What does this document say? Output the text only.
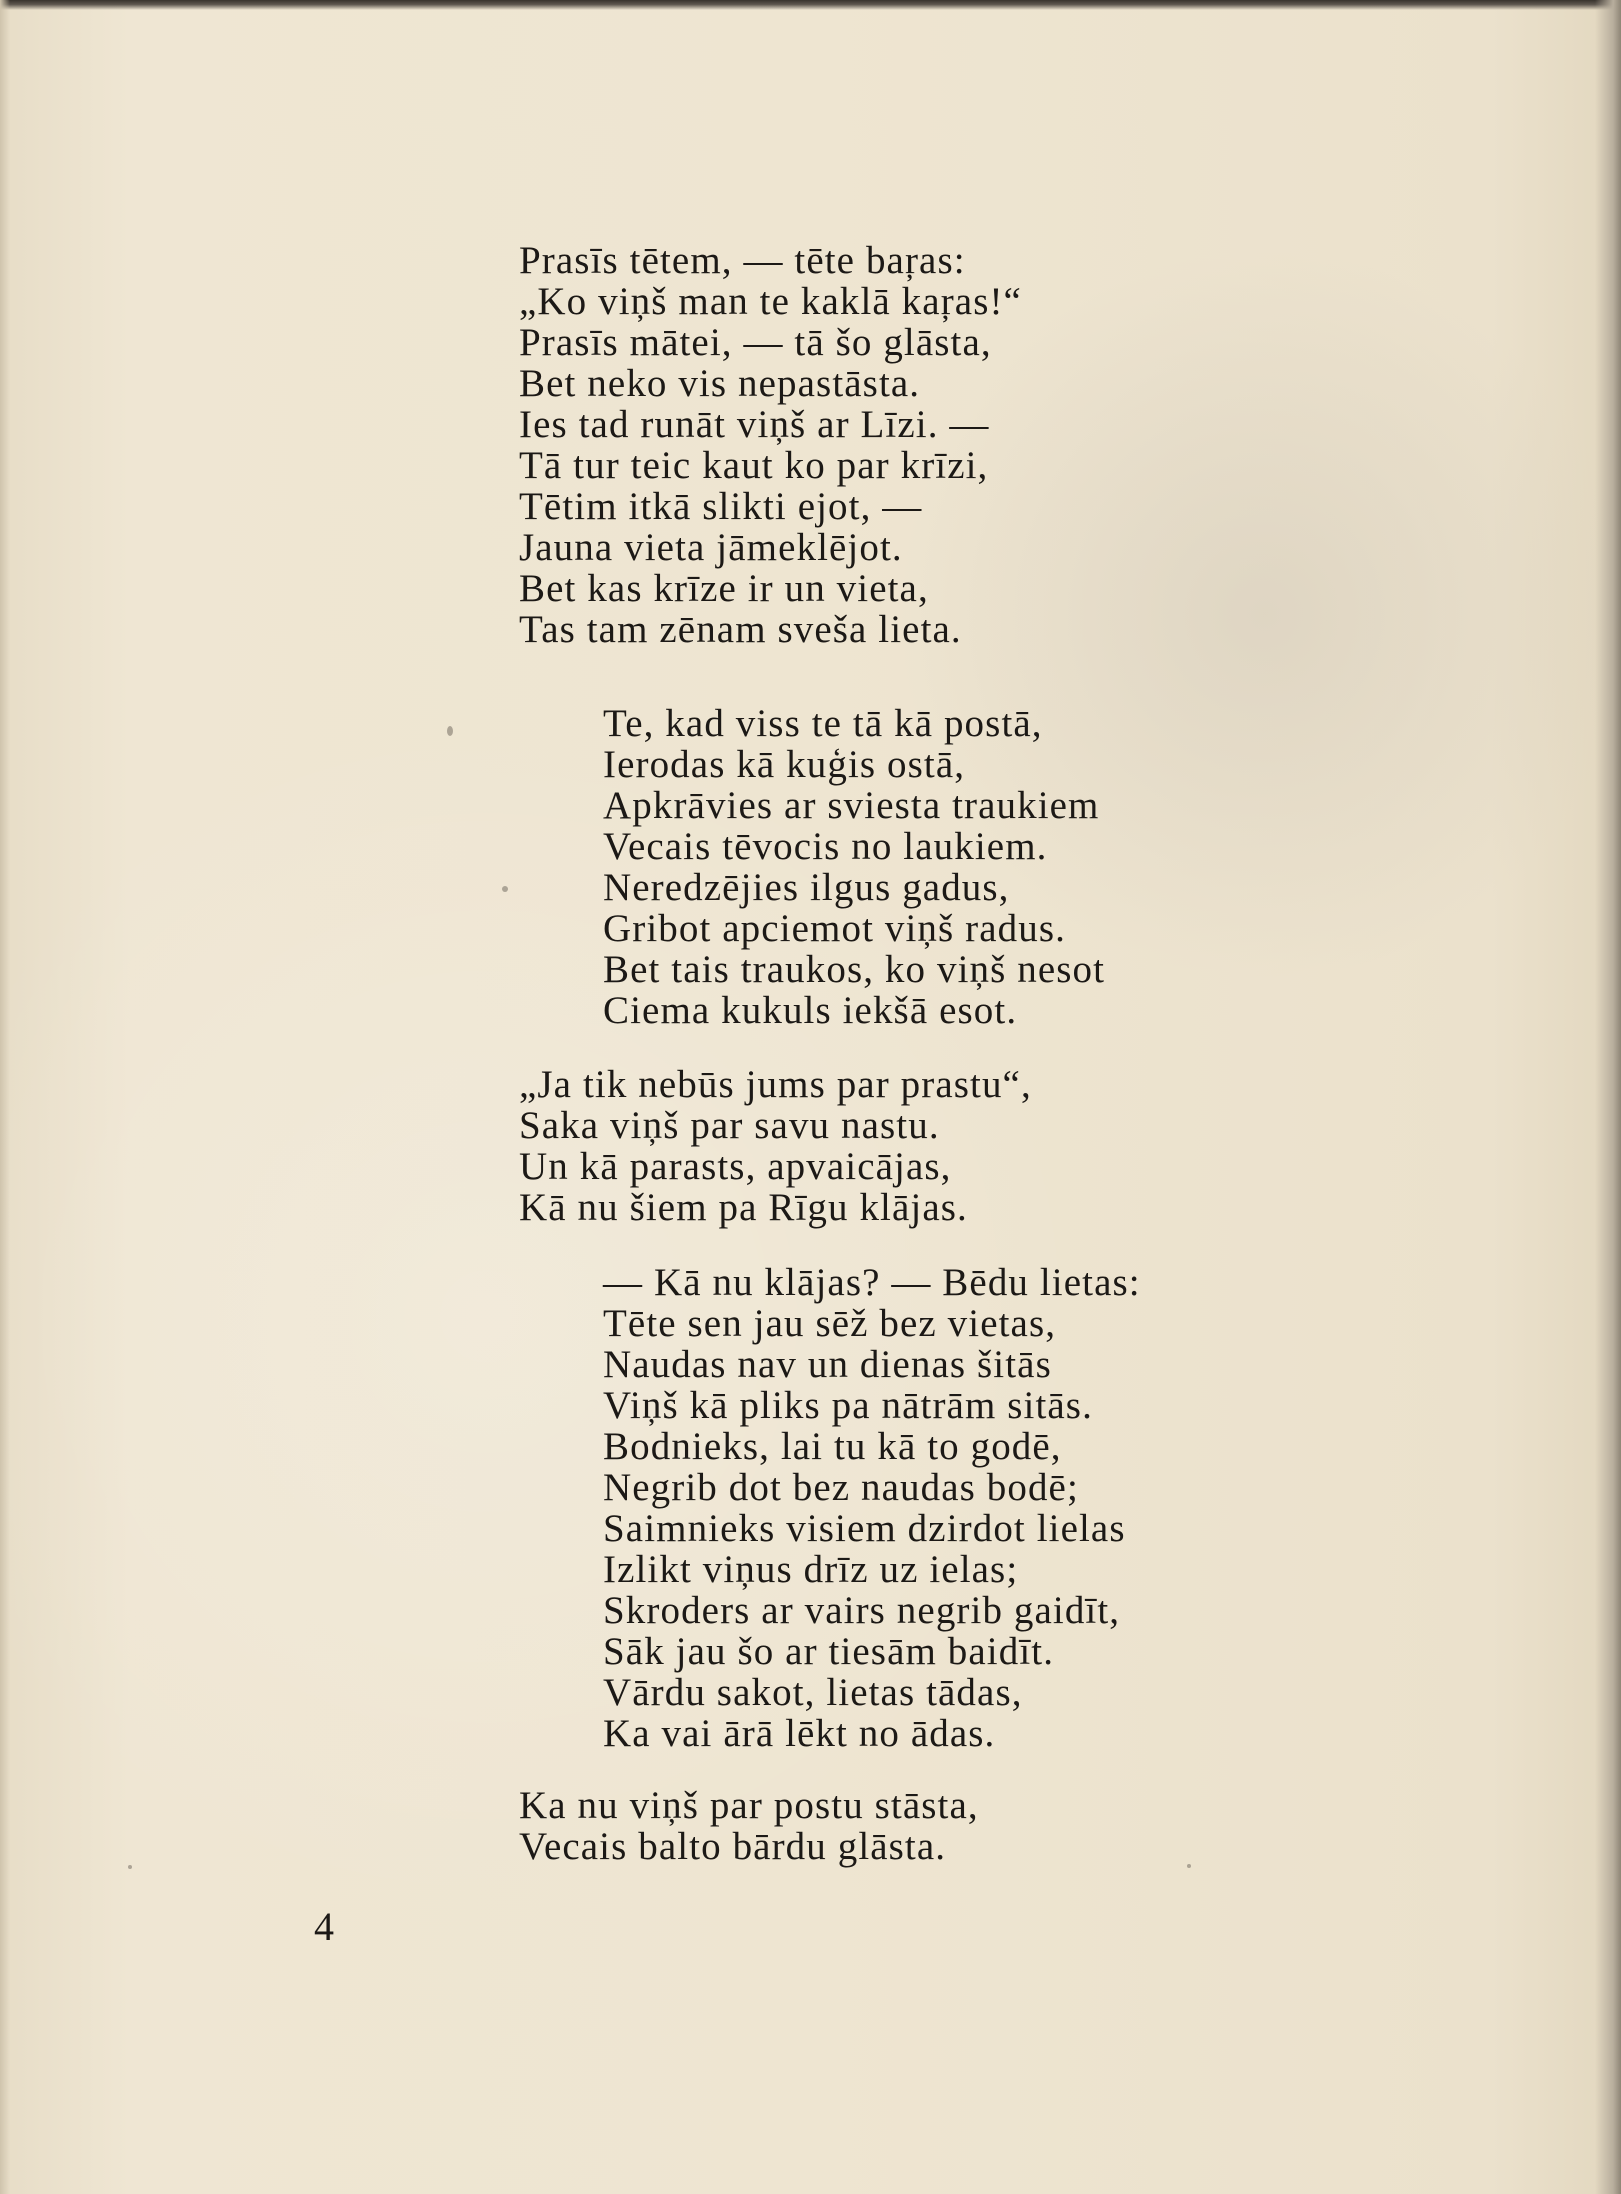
Prasīs tētem, — tēte baŗas:
„Ko viņš man te kaklā kaŗas!“
Prasīs mātei, — tā šo glāsta,
Bet neko vis nepastāsta.
Ies tad runāt viņš ar Līzi. —
Tā tur teic kaut ko par krīzi,
Tētim itkā slikti ejot, —
Jauna vieta jāmeklējot.
Bet kas krīze ir un vieta,
Tas tam zēnam sveša lieta.
Te, kad viss te tā kā postā,
Ierodas kā kuģis ostā,
Apkrāvies ar sviesta traukiem
Vecais tēvocis no laukiem.
Neredzējies ilgus gadus,
Gribot apciemot viņš radus.
Bet tais traukos, ko viņš nesot
Ciema kukuls iekšā esot.
„Ja tik nebūs jums par prastu“,
Saka viņš par savu nastu.
Un kā parasts, apvaicājas,
Kā nu šiem pa Rīgu klājas.
— Kā nu klājas? — Bēdu lietas:
Tēte sen jau sēž bez vietas,
Naudas nav un dienas šitās
Viņš kā pliks pa nātrām sitās.
Bodnieks, lai tu kā to godē,
Negrib dot bez naudas bodē;
Saimnieks visiem dzirdot lielas
Izlikt viņus drīz uz ielas;
Skroders ar vairs negrib gaidīt,
Sāk jau šo ar tiesām baidīt.
Vārdu sakot, lietas tādas,
Ka vai ārā lēkt no ādas.
Ka nu viņš par postu stāsta,
Vecais balto bārdu glāsta.
4
